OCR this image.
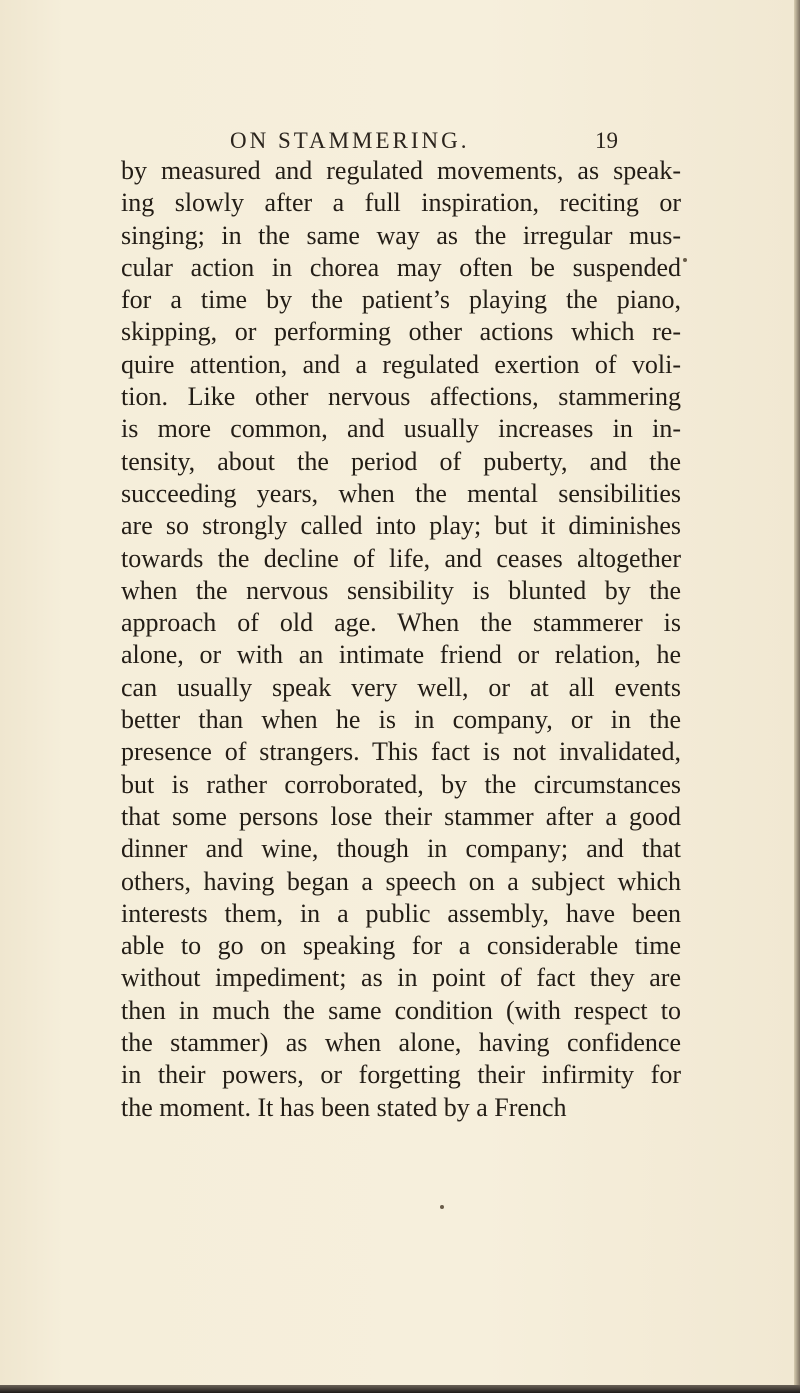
ON STAMMERING.	19
by measured and regulated movements, as speak-
ing slowly after a full inspiration, reciting or
singing; in the same way as the irregular mus-
cular action in chorea may often be suspended
for a time by the patient’s playing the piano,
skipping, or performing other actions which re-
quire attention, and a regulated exertion of voli-
tion. Like other nervous affections, stammering
is more common, and usually increases in in-
tensity, about the period of puberty, and the
succeeding years, when the mental sensibilities
are so strongly called into play; but it diminishes
towards the decline of life, and ceases altogether
when the nervous sensibility is blunted by the
approach of old age. When the stammerer is
alone, or with an intimate friend or relation, he
can usually speak very well, or at all events
better than when he is in company, or in the
presence of strangers. This fact is not invalidated,
but is rather corroborated, by the circumstances
that some persons lose their stammer after a good
dinner and wine, though in company; and that
others, having began a speech on a subject which
interests them, in a public assembly, have been
able to go on speaking for a considerable time
without impediment; as in point of fact they are
then in much the same condition (with respect to
the stammer) as when alone, having confidence
in their powers, or forgetting their infirmity for
the moment. It has been stated by a French
